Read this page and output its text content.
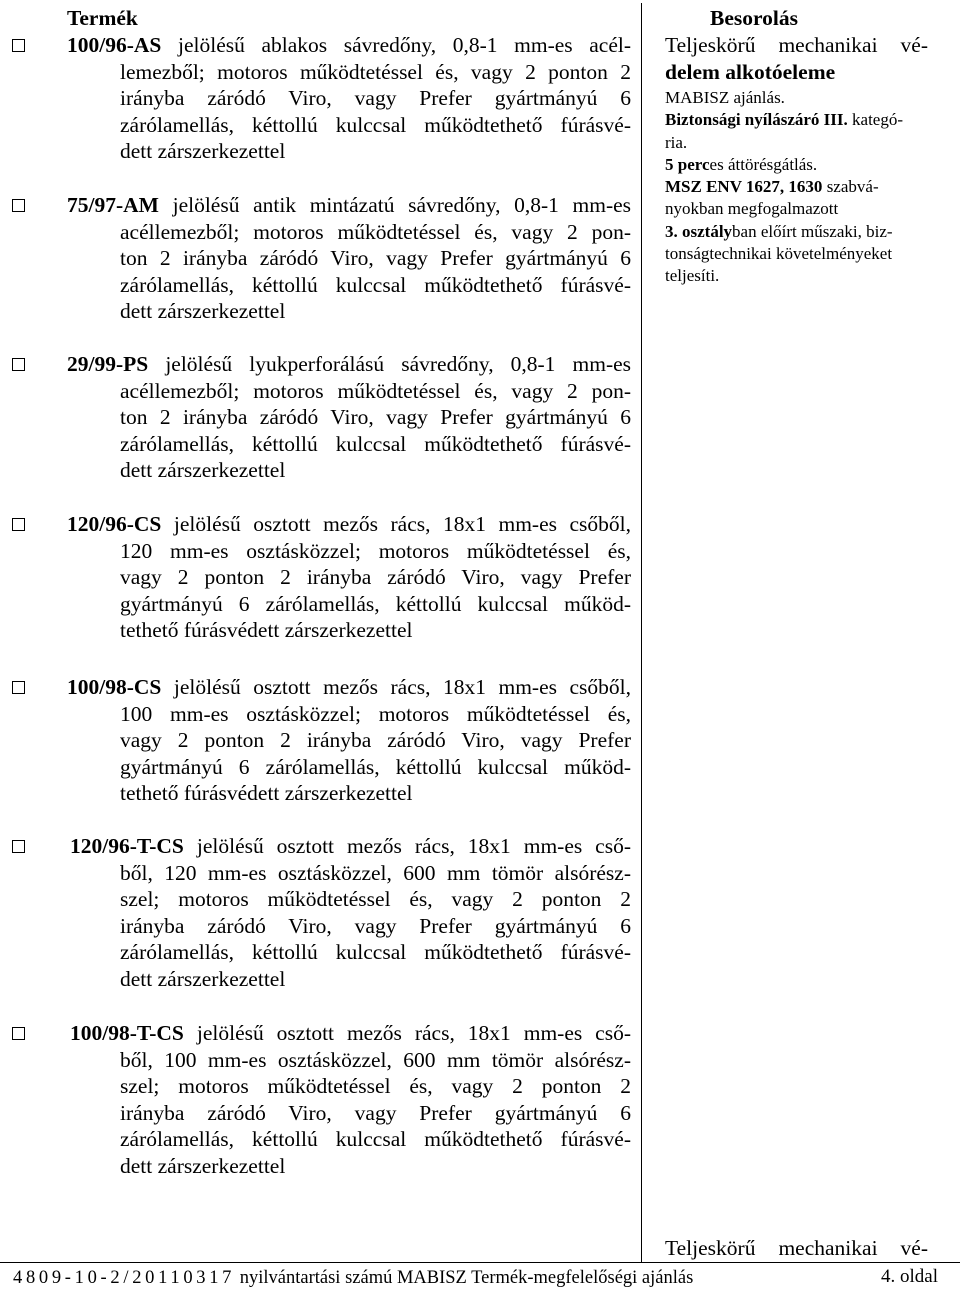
Termék	Besorolás
100/96-AS jelölésű ablakos sávredőny, 0,8-1 mm-es acél-
lemezből; motoros működtetéssel és, vagy 2 ponton 2
irányba záródó Viro, vagy Prefer gyártmányú 6
zárólamellás, kéttollú kulccsal működtethető fúrásvé-
dett zárszerkezettel
75/97-AM jelölésű antik mintázatú sávredőny, 0,8-1 mm-es
acéllemezből; motoros működtetéssel és, vagy 2 pon-
ton 2 irányba záródó Viro, vagy Prefer gyártmányú 6
zárólamellás, kéttollú kulccsal működtethető fúrásvé-
dett zárszerkezettel
29/99-PS jelölésű lyukperforálású sávredőny, 0,8-1 mm-es
acéllemezből; motoros működtetéssel és, vagy 2 pon-
ton 2 irányba záródó Viro, vagy Prefer gyártmányú 6
zárólamellás, kéttollú kulccsal működtethető fúrásvé-
dett zárszerkezettel
120/96-CS jelölésű osztott mezős rács, 18x1 mm-es csőből,
120 mm-es osztásközzel; motoros működtetéssel és,
vagy 2 ponton 2 irányba záródó Viro, vagy Prefer
gyártmányú 6 zárólamellás, kéttollú kulccsal működ-
tethető fúrásvédett zárszerkezettel
100/98-CS jelölésű osztott mezős rács, 18x1 mm-es csőből,
100 mm-es osztásközzel; motoros működtetéssel és,
vagy 2 ponton 2 irányba záródó Viro, vagy Prefer
gyártmányú 6 zárólamellás, kéttollú kulccsal működ-
tethető fúrásvédett zárszerkezettel
120/96-T-CS jelölésű osztott mezős rács, 18x1 mm-es cső-
ből, 120 mm-es osztásközzel, 600 mm tömör alsórész-
szel; motoros működtetéssel és, vagy 2 ponton 2
irányba záródó Viro, vagy Prefer gyártmányú 6
zárólamellás, kéttollú kulccsal működtethető fúrásvé-
dett zárszerkezettel
100/98-T-CS jelölésű osztott mezős rács, 18x1 mm-es cső-
ből, 100 mm-es osztásközzel, 600 mm tömör alsórész-
szel; motoros működtetéssel és, vagy 2 ponton 2
irányba záródó Viro, vagy Prefer gyártmányú 6
zárólamellás, kéttollú kulccsal működtethető fúrásvé-
dett zárszerkezettel
Teljeskörű mechanikai vé-
delem alkotóeleme
MABISZ ajánlás.
Biztonsági nyílászáró III. kategó-
ria.
5 perces áttörésgátlás.
MSZ ENV 1627, 1630 szabvá-
nyokban megfogalmazott
3. osztályban előírt műszaki, biz-
tonságtechnikai követelményeket
teljesíti.
Teljeskörű mechanikai vé-
4809-10-2/20110317 nyilvántartási számú MABISZ Termék-megfelelőségi ajánlás	4. oldal
